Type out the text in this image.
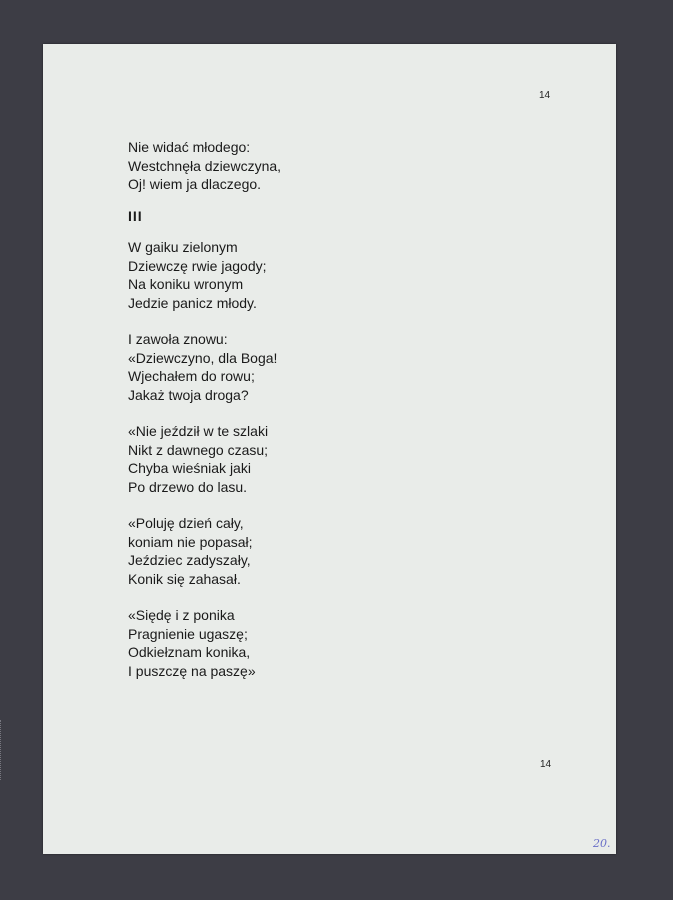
14
Nie widać młodego:
Westchnęła dziewczyna,
Oj! wiem ja dlaczego.
III
W gaiku zielonym
Dziewczę rwie jagody;
Na koniku wronym
Jedzie panicz młody.
I zawoła znowu:
«Dziewczyno, dla Boga!
Wjechałem do rowu;
Jakaż twoja droga?
«Nie jeździł w te szlaki
Nikt z dawnego czasu;
Chyba wieśniak jaki
Po drzewo do lasu.
«Poluję dzień cały,
koniam nie popasał;
Jeździec zadyszały,
Konik się zahasał.
«Siędę i z ponika
Pragnienie ugaszę;
Odkiełznam konika,
I puszczę na paszę»
14
20.
